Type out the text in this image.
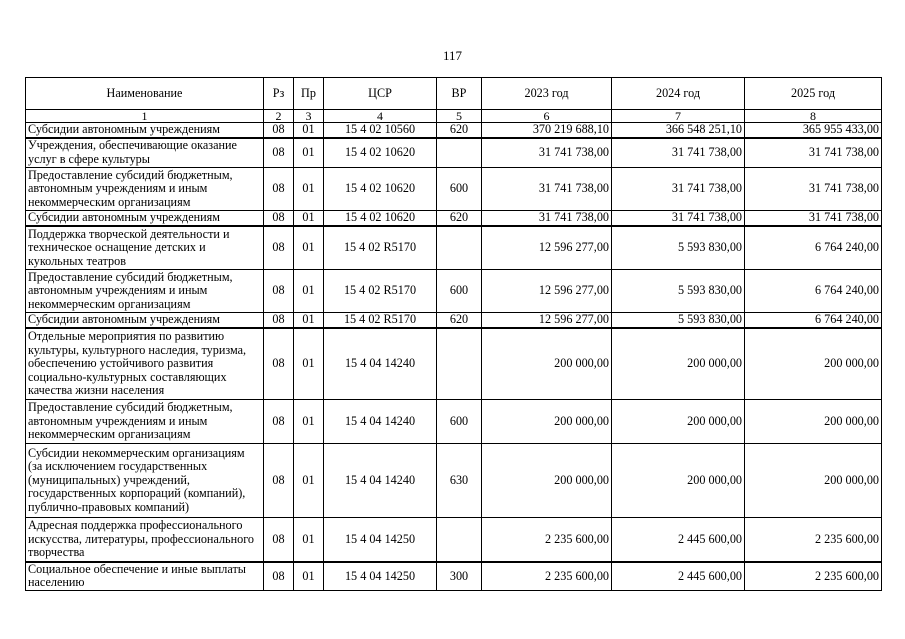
117
Наименование	Рз	Пр	ЦСР	ВР	2023 год	2024 год	2025 год
1	2	3	4	5	6	7	8
Субсидии автономным учреждениям	08	01	15 4 02 10560	620	370 219 688,10	366 548 251,10	365 955 433,00
Учреждения, обеспечивающие оказание услуг в сфере культуры	08	01	15 4 02 10620		31 741 738,00	31 741 738,00	31 741 738,00
Предоставление субсидий бюджетным, автономным учреждениям и иным некоммерческим организациям	08	01	15 4 02 10620	600	31 741 738,00	31 741 738,00	31 741 738,00
Субсидии автономным учреждениям	08	01	15 4 02 10620	620	31 741 738,00	31 741 738,00	31 741 738,00
Поддержка творческой деятельности и техническое оснащение детских и кукольных театров	08	01	15 4 02 R5170		12 596 277,00	5 593 830,00	6 764 240,00
Предоставление субсидий бюджетным, автономным учреждениям и иным некоммерческим организациям	08	01	15 4 02 R5170	600	12 596 277,00	5 593 830,00	6 764 240,00
Субсидии автономным учреждениям	08	01	15 4 02 R5170	620	12 596 277,00	5 593 830,00	6 764 240,00
Отдельные мероприятия по развитию культуры, культурного наследия, туризма, обеспечению устойчивого развития социально-культурных составляющих качества жизни населения	08	01	15 4 04 14240		200 000,00	200 000,00	200 000,00
Предоставление субсидий бюджетным, автономным учреждениям и иным некоммерческим организациям	08	01	15 4 04 14240	600	200 000,00	200 000,00	200 000,00
Субсидии некоммерческим организациям (за исключением государственных (муниципальных) учреждений, государственных корпораций (компаний), публично-правовых компаний)	08	01	15 4 04 14240	630	200 000,00	200 000,00	200 000,00
Адресная поддержка профессионального искусства, литературы, профессионального творчества	08	01	15 4 04 14250		2 235 600,00	2 445 600,00	2 235 600,00
Социальное обеспечение и иные выплаты населению	08	01	15 4 04 14250	300	2 235 600,00	2 445 600,00	2 235 600,00
